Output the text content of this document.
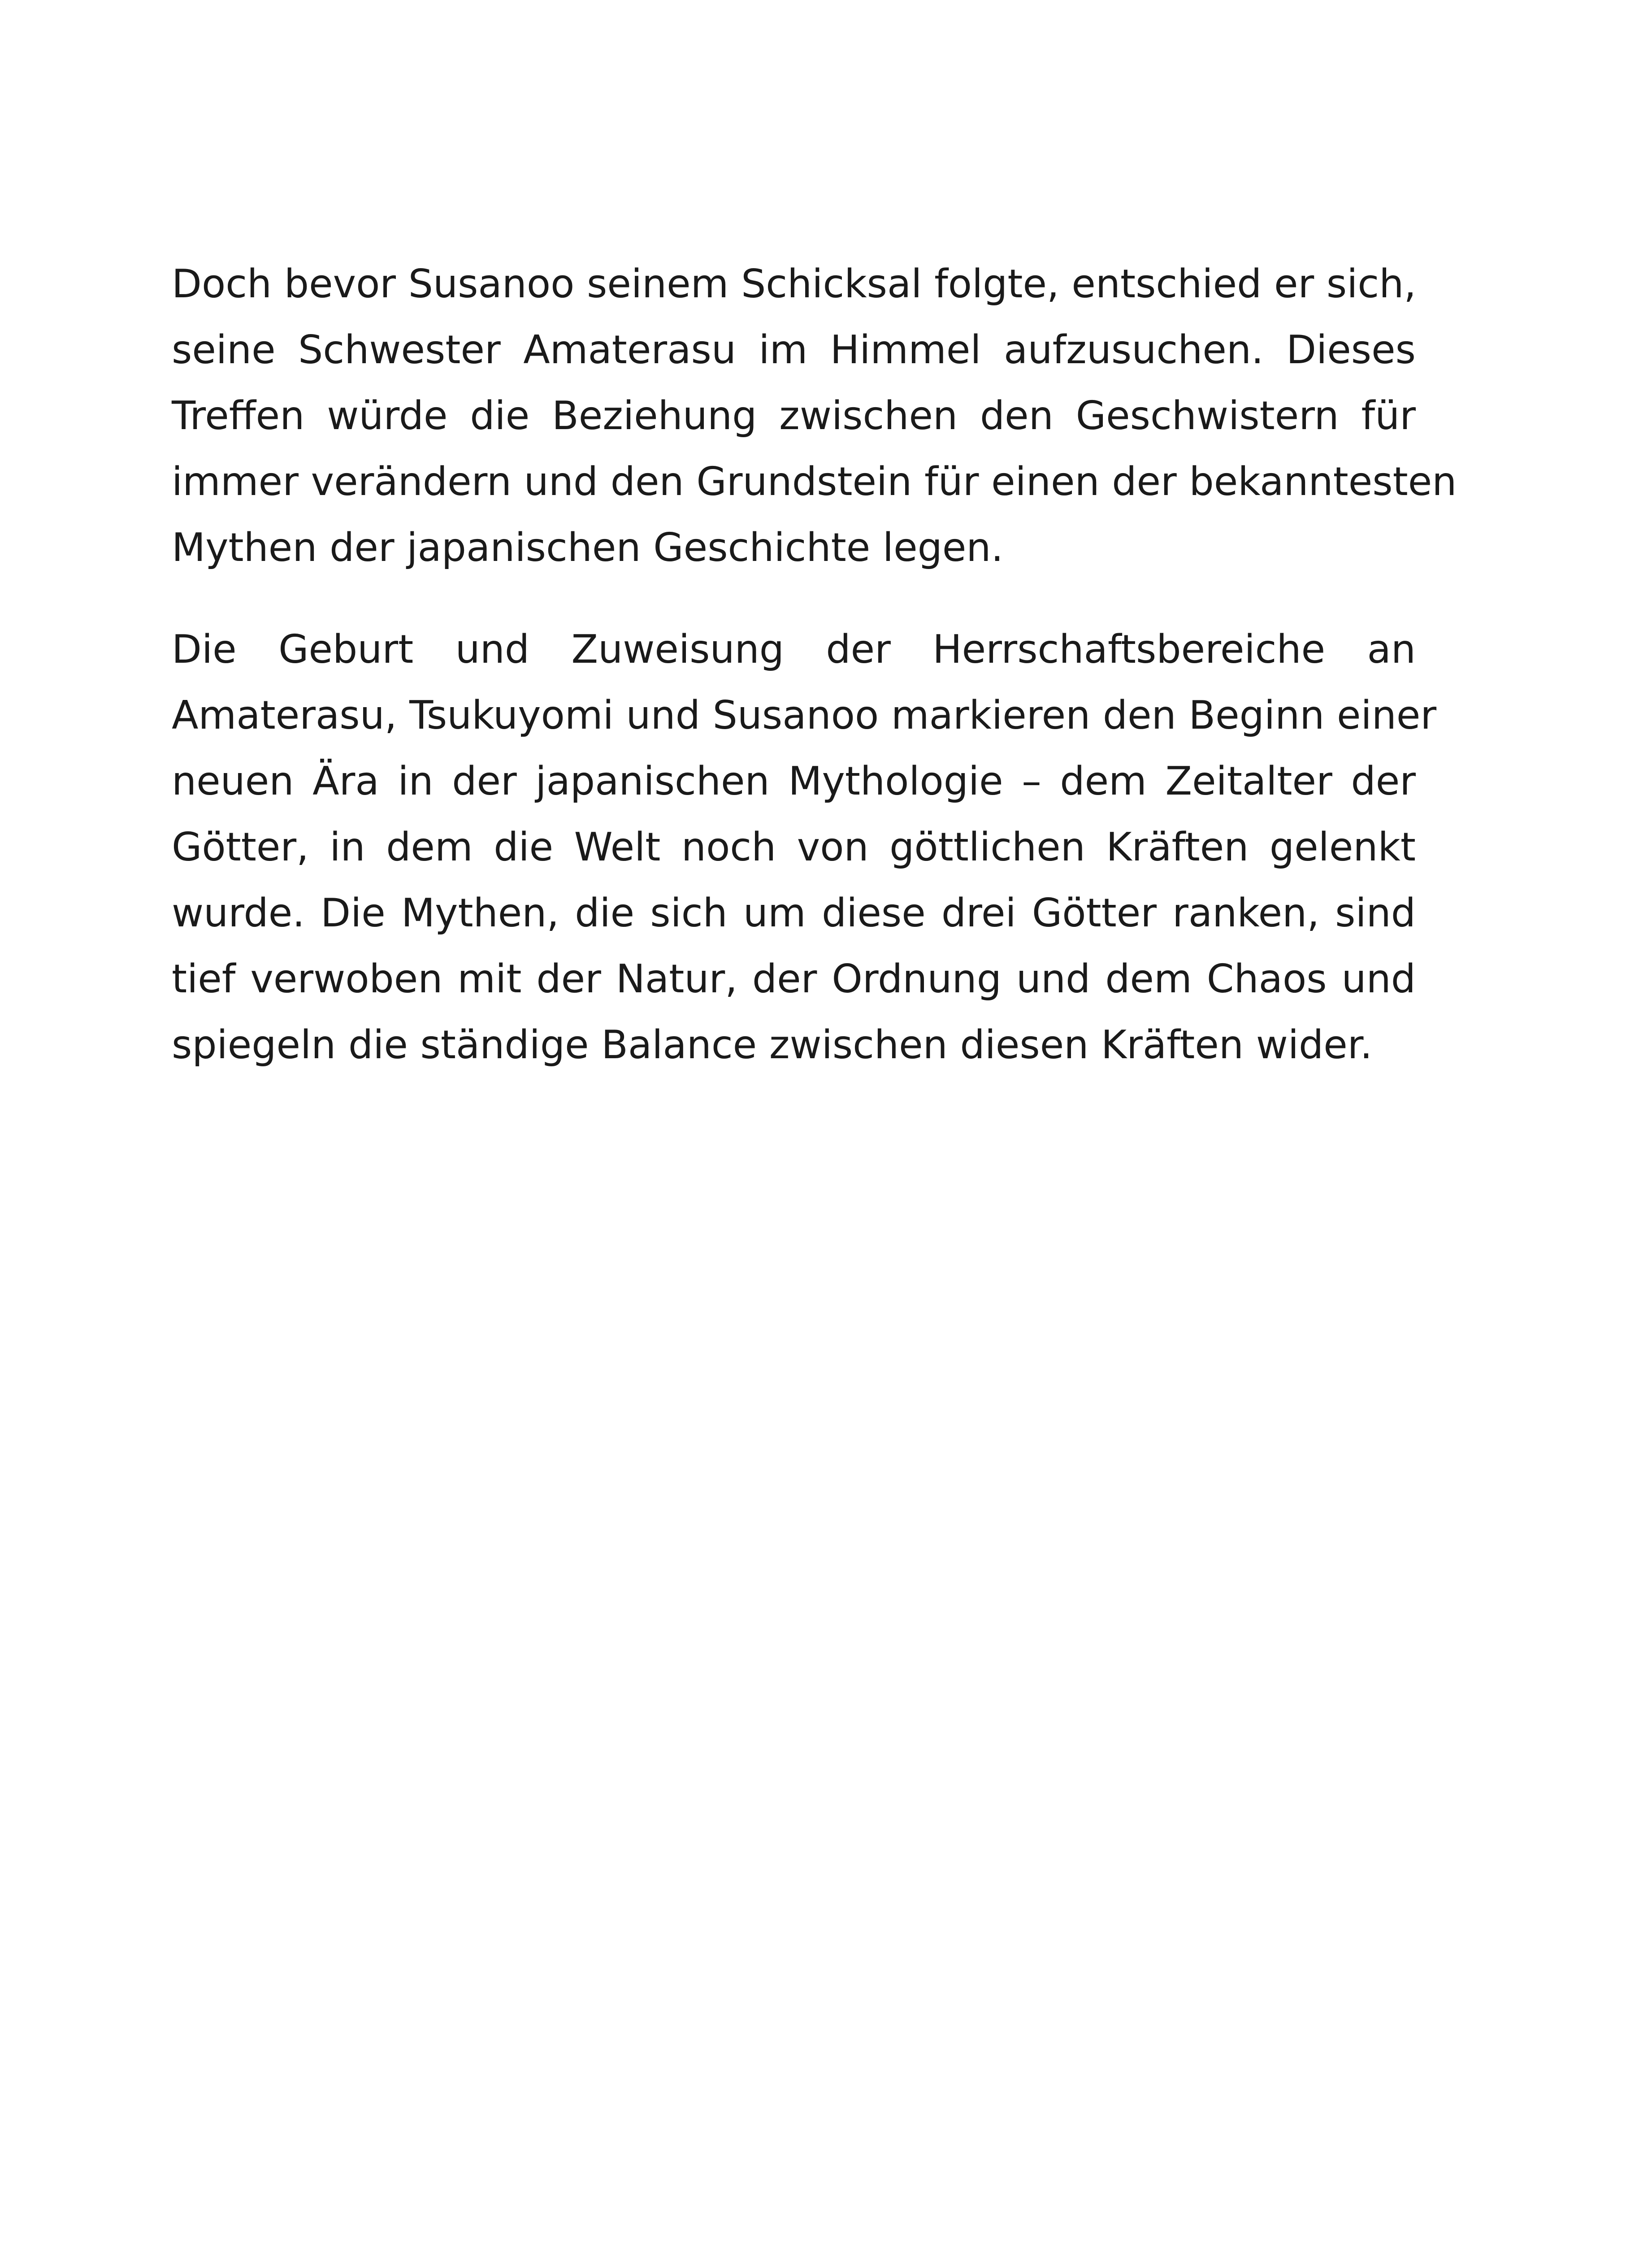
Doch bevor Susanoo seinem Schicksal folgte, entschied er sich,
seine Schwester Amaterasu im Himmel aufzusuchen. Dieses
Treffen würde die Beziehung zwischen den Geschwistern für
immer verändern und den Grundstein für einen der bekanntesten
Mythen der japanischen Geschichte legen.

Die Geburt und Zuweisung der Herrschaftsbereiche an
Amaterasu, Tsukuyomi und Susanoo markieren den Beginn einer
neuen Ära in der japanischen Mythologie – dem Zeitalter der
Götter, in dem die Welt noch von göttlichen Kräften gelenkt
wurde. Die Mythen, die sich um diese drei Götter ranken, sind
tief verwoben mit der Natur, der Ordnung und dem Chaos und
spiegeln die ständige Balance zwischen diesen Kräften wider.
